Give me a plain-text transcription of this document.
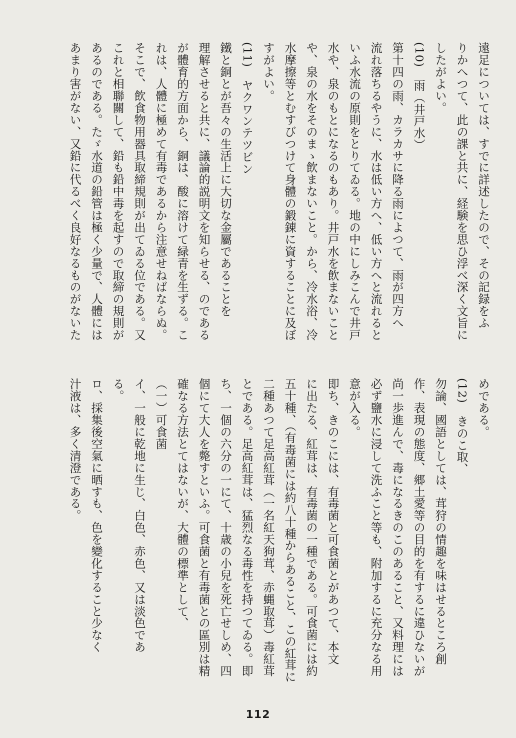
遠足については、すでに詳述したので、その記録をふ
りかへつて、此の課と共に、経験を思ひ浮べ深く文旨に
したがよい。
(10)　雨（井戸水）
第十四の雨、カラカサに降る雨によつて、雨が四方へ
流れ落ちるやうに、水は低い方へ、低い方へと流れると
いふ水流の原則をとりてゐる。地の中にしみこんで井戸
水や、泉のもとになるのもあり。井戸水を飲まないこと
や、泉の水をそのまゝ飲まないこと。から、冷水浴、冷
水摩擦等とむすびつけて身體の鍛錬に資することに及ぼ
すがよい。
(11)　ヤクワンテツビン
鐵と銅とが吾々の生活上に大切な金屬であることを
理解させると共に、議論的説明文を知らせる、のである
が體育的方面から、銅は、酸に溶けて緑青を生ずる。こ
れは、人體に極めて有毒であるから注意せねばならぬ。
そこで、飲食物用器具取締規則が出てゐる位である。又
これと相聯關して、鉛も鉛中毒を起すので取締の規則が
あるのである。たゞ水道の鉛管は極く少量で、人體には
あまり害がない、又鉛に代るべく良好なるものがないた
めである。
(12)　きのこ取、
勿論、國語としては、茸狩の情趣を味はせるところ創
作、表現の態度、郷土愛等の目的を有するに違ひないが
尚一歩進んで、毒になるきのこのあること、又料理には
必ず鹽水に浸して洗ふこと等も、附加するに充分なる用
意が入る。
即ち、きのこには、有毒菌と可食菌とがあつて、本文
に出たる、紅茸は、有毒菌の一種である。可食菌には約
五十種、（有毒菌には約八十種からあること、この紅茸に
二種あつて足高紅茸（一名紅天狗茸、赤蝿取茸）毒紅茸
とである。足高紅茸は、猛烈なる毒性を持つてゐる。即
ち、一個の六分の一にて、十歳の小兒を死亡せしめ、四
個にて大人を斃すといふ。可食菌と有毒菌との區別は精
確なる方法とてはないが、大體の標準として、
（一）可食菌
イ、一般に乾地に生じ、白色、赤色、又は淡色であ
る。
ロ、採集後空氣に晒すも、色を變化すること少なく
汁液は、多く清澄である。
112
